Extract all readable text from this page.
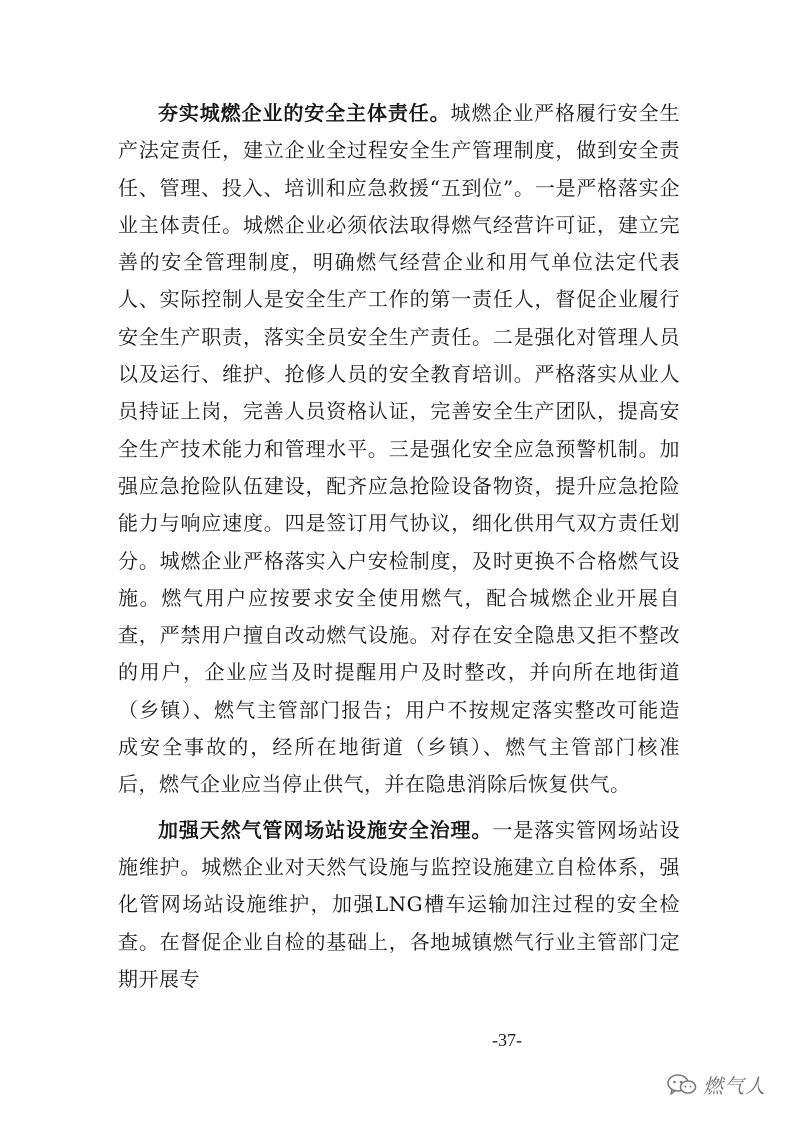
夯实城燃企业的安全主体责任。城燃企业严格履行安全生产法定责任，建立企业全过程安全生产管理制度，做到安全责任、管理、投入、培训和应急救援“五到位”。一是严格落实企业主体责任。城燃企业必须依法取得燃气经营许可证，建立完善的安全管理制度，明确燃气经营企业和用气单位法定代表人、实际控制人是安全生产工作的第一责任人，督促企业履行安全生产职责，落实全员安全生产责任。二是强化对管理人员以及运行、维护、抢修人员的安全教育培训。严格落实从业人员持证上岗，完善人员资格认证，完善安全生产团队，提高安全生产技术能力和管理水平。三是强化安全应急预警机制。加强应急抢险队伍建设，配齐应急抢险设备物资，提升应急抢险能力与响应速度。四是签订用气协议，细化供用气双方责任划分。城燃企业严格落实入户安检制度，及时更换不合格燃气设施。燃气用户应按要求安全使用燃气，配合城燃企业开展自查，严禁用户擅自改动燃气设施。对存在安全隐患又拒不整改的用户，企业应当及时提醒用户及时整改，并向所在地街道（乡镇）、燃气主管部门报告；用户不按规定落实整改可能造成安全事故的，经所在地街道（乡镇）、燃气主管部门核准后，燃气企业应当停止供气，并在隐患消除后恢复供气。

加强天然气管网场站设施安全治理。一是落实管网场站设施维护。城燃企业对天然气设施与监控设施建立自检体系，强化管网场站设施维护，加强LNG槽车运输加注过程的安全检查。在督促企业自检的基础上，各地城镇燃气行业主管部门定期开展专

-37-
燃气人
